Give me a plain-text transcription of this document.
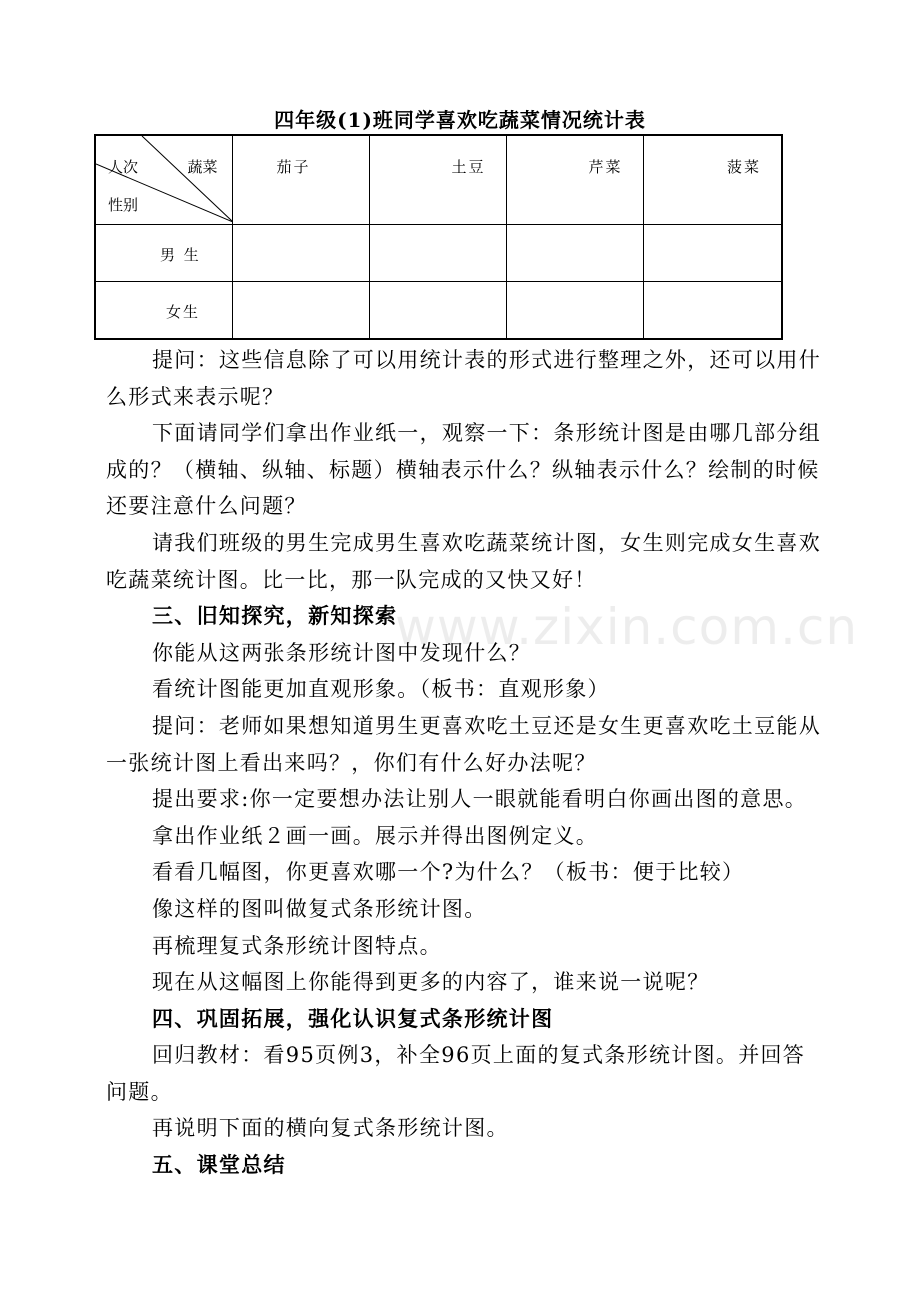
四年级(1)班同学喜欢吃蔬菜情况统计表
人次 蔬菜
性别	茄子	土豆	芹菜	菠菜

男 生				

女生				

提问：这些信息除了可以用统计表的形式进行整理之外，还可以用什么形式来表示呢？

下面请同学们拿出作业纸一，观察一下：条形统计图是由哪几部分组成的？（横轴、纵轴、标题）横轴表示什么？纵轴表示什么？绘制的时候还要注意什么问题？

请我们班级的男生完成男生喜欢吃蔬菜统计图，女生则完成女生喜欢吃蔬菜统计图。比一比，那一队完成的又快又好！

三、旧知探究，新知探索

你能从这两张条形统计图中发现什么？

看统计图能更加直观形象。（板书：直观形象）

提问：老师如果想知道男生更喜欢吃土豆还是女生更喜欢吃土豆能从一张统计图上看出来吗？，你们有什么好办法呢？

提出要求:你一定要想办法让别人一眼就能看明白你画出图的意思。

拿出作业纸２画一画。展示并得出图例定义。

看看几幅图，你更喜欢哪一个?为什么？（板书：便于比较）

像这样的图叫做复式条形统计图。

再梳理复式条形统计图特点。

现在从这幅图上你能得到更多的内容了，谁来说一说呢？

四、巩固拓展，强化认识复式条形统计图

回归教材：看95页例3，补全96页上面的复式条形统计图。并回答问题。

再说明下面的横向复式条形统计图。

五、课堂总结

www.zixin.com.cn
